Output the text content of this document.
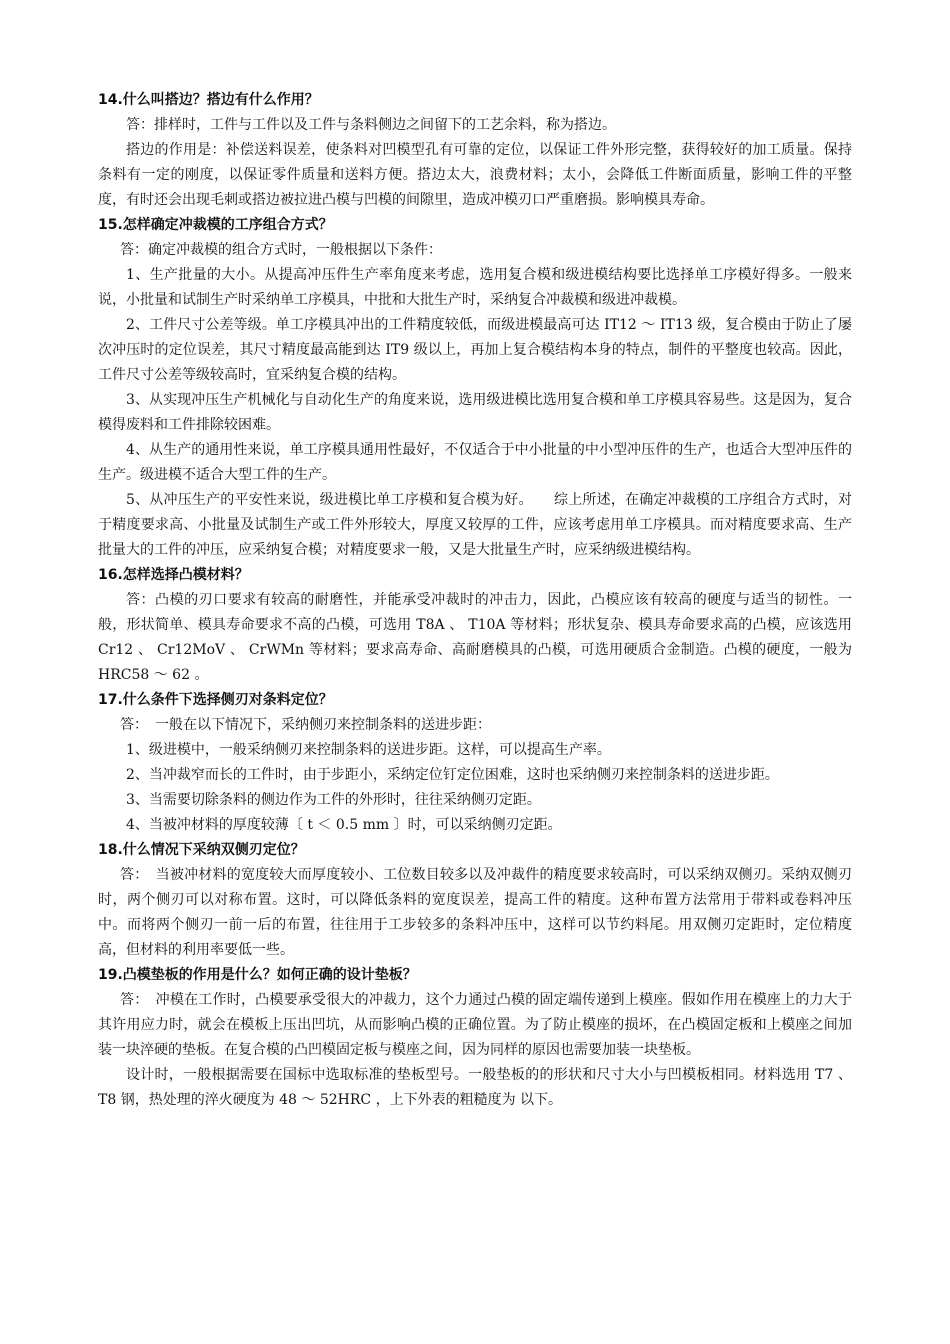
14.什么叫搭边？搭边有什么作用？

答：排样时，工件与工件以及工件与条料侧边之间留下的工艺余料，称为搭边。

搭边的作用是：补偿送料误差，使条料对凹模型孔有可靠的定位，以保证工件外形完整，获得较好的加工质量。保持条料有一定的刚度，以保证零件质量和送料方便。搭边太大，浪费材料；太小，会降低工件断面质量，影响工件的平整度，有时还会出现毛刺或搭边被拉进凸模与凹模的间隙里，造成冲模刃口严重磨损。影响模具寿命。

15.怎样确定冲裁模的工序组合方式？

答：确定冲裁模的组合方式时，一般根据以下条件：

1、生产批量的大小。从提高冲压件生产率角度来考虑，选用复合模和级进模结构要比选择单工序模好得多。一般来说，小批量和试制生产时采纳单工序模具，中批和大批生产时，采纳复合冲裁模和级进冲裁模。

2、工件尺寸公差等级。单工序模具冲出的工件精度较低，而级进模最高可达 IT12 ～ IT13 级，复合模由于防止了屡次冲压时的定位误差，其尺寸精度最高能到达 IT9 级以上，再加上复合模结构本身的特点，制件的平整度也较高。因此，工件尺寸公差等级较高时，宜采纳复合模的结构。

3、从实现冲压生产机械化与自动化生产的角度来说，选用级进模比选用复合模和单工序模具容易些。这是因为，复合模得废料和工件排除较困难。

4、从生产的通用性来说，单工序模具通用性最好，不仅适合于中小批量的中小型冲压件的生产，也适合大型冲压件的生产。级进模不适合大型工件的生产。

5、从冲压生产的平安性来说，级进模比单工序模和复合模为好。　　综上所述，在确定冲裁模的工序组合方式时，对于精度要求高、小批量及试制生产或工件外形较大，厚度又较厚的工件，应该考虑用单工序模具。而对精度要求高、生产批量大的工件的冲压，应采纳复合模；对精度要求一般，又是大批量生产时，应采纳级进模结构。

16.怎样选择凸模材料？

答：凸模的刃口要求有较高的耐磨性，并能承受冲裁时的冲击力，因此，凸模应该有较高的硬度与适当的韧性。一般，形状简单、模具寿命要求不高的凸模，可选用 T8A 、 T10A 等材料；形状复杂、模具寿命要求高的凸模，应该选用 Cr12 、 Cr12MoV 、 CrWMn 等材料；要求高寿命、高耐磨模具的凸模，可选用硬质合金制造。凸模的硬度，一般为 HRC58 ～ 62 。

17.什么条件下选择侧刃对条料定位？

答：　一般在以下情况下，采纳侧刃来控制条料的送进步距：

1、级进模中，一般采纳侧刃来控制条料的送进步距。这样，可以提高生产率。

2、当冲裁窄而长的工件时，由于步距小，采纳定位钉定位困难，这时也采纳侧刃来控制条料的送进步距。

3、当需要切除条料的侧边作为工件的外形时，往往采纳侧刃定距。

4、当被冲材料的厚度较薄〔 t ＜ 0.5 mm 〕时，可以采纳侧刃定距。

18.什么情况下采纳双侧刃定位？

答：　当被冲材料的宽度较大而厚度较小、工位数目较多以及冲裁件的精度要求较高时，可以采纳双侧刃。采纳双侧刃时，两个侧刃可以对称布置。这时，可以降低条料的宽度误差，提高工件的精度。这种布置方法常用于带料或卷料冲压中。而将两个侧刃一前一后的布置，往往用于工步较多的条料冲压中，这样可以节约料尾。用双侧刃定距时，定位精度高，但材料的利用率要低一些。

19.凸模垫板的作用是什么？如何正确的设计垫板？

答：　冲模在工作时，凸模要承受很大的冲裁力，这个力通过凸模的固定端传递到上模座。假如作用在模座上的力大于其许用应力时，就会在模板上压出凹坑，从而影响凸模的正确位置。为了防止模座的损坏，在凸模固定板和上模座之间加装一块淬硬的垫板。在复合模的凸凹模固定板与模座之间，因为同样的原因也需要加装一块垫板。

设计时，一般根据需要在国标中选取标准的垫板型号。一般垫板的的形状和尺寸大小与凹模板相同。材料选用 T7 、T8 钢，热处理的淬火硬度为 48 ～ 52HRC ，上下外表的粗糙度为 以下。
